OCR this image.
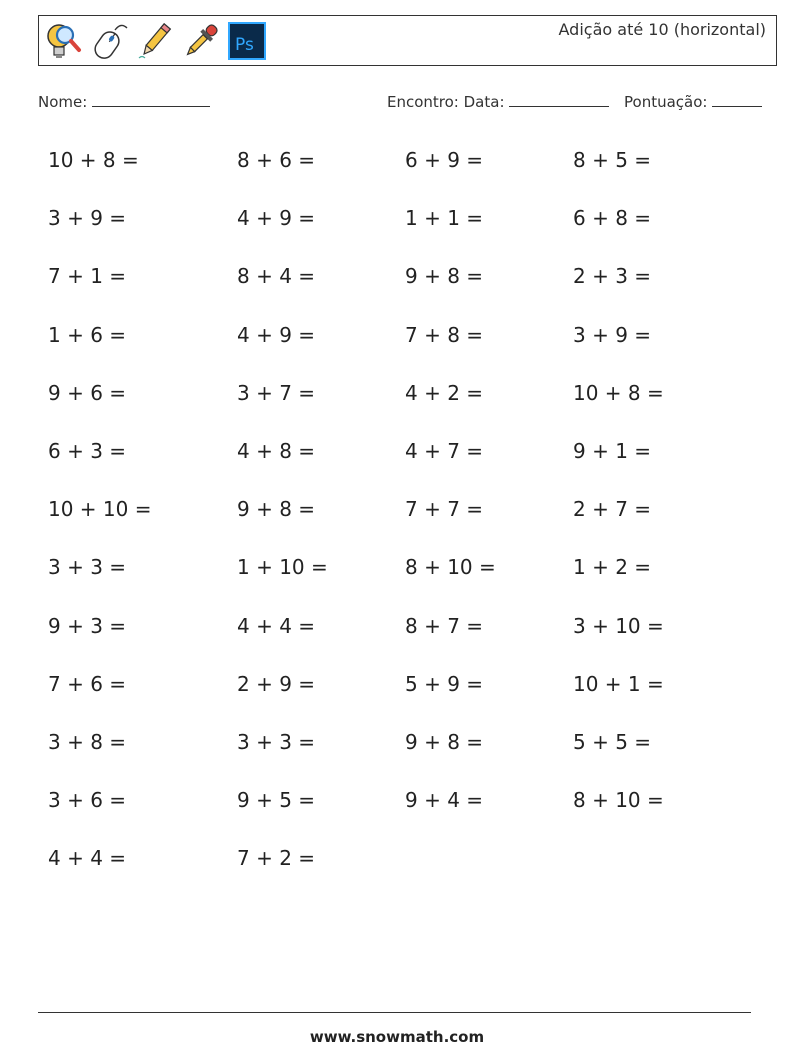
Ps
Adição até 10 (horizontal)
Nome:	Encontro: Data:	Pontuação:
10 + 8 =	8 + 6 =	6 + 9 =	8 + 5 =
3 + 9 =	4 + 9 =	1 + 1 =	6 + 8 =
7 + 1 =	8 + 4 =	9 + 8 =	2 + 3 =
1 + 6 =	4 + 9 =	7 + 8 =	3 + 9 =
9 + 6 =	3 + 7 =	4 + 2 =	10 + 8 =
6 + 3 =	4 + 8 =	4 + 7 =	9 + 1 =
10 + 10 =	9 + 8 =	7 + 7 =	2 + 7 =
3 + 3 =	1 + 10 =	8 + 10 =	1 + 2 =
9 + 3 =	4 + 4 =	8 + 7 =	3 + 10 =
7 + 6 =	2 + 9 =	5 + 9 =	10 + 1 =
3 + 8 =	3 + 3 =	9 + 8 =	5 + 5 =
3 + 6 =	9 + 5 =	9 + 4 =	8 + 10 =
4 + 4 =	7 + 2 =
www.snowmath.com
